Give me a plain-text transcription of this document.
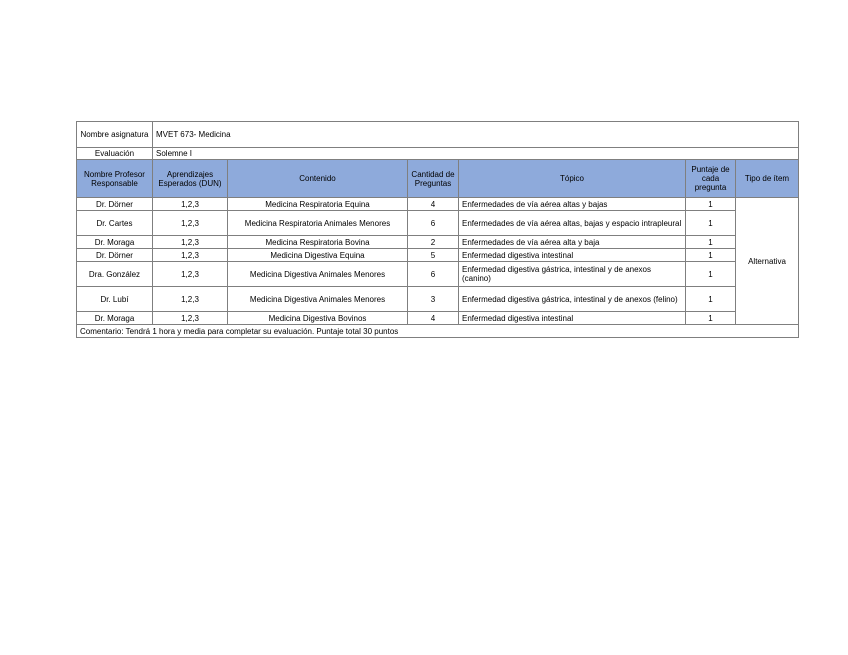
Nombre asignatura	MVET 673- Medicina					
Evaluación	Solemne I					
Nombre Profesor Responsable	Aprendizajes Esperados (DUN)	Contenido	Cantidad de Preguntas	Tópico	Puntaje de cada pregunta	Tipo de ítem
Dr. Dörner	1,2,3	Medicina Respiratoria Equina	4	Enfermedades de vía aérea altas y bajas	1	Alternativa
Dr. Cartes	1,2,3	Medicina Respiratoria Animales Menores	6	Enfermedades de vía aérea altas, bajas y espacio intrapleural	1	
Dr. Moraga	1,2,3	Medicina Respiratoria Bovina	2	Enfermedades de vía aérea alta y baja	1	
Dr. Dörner	1,2,3	Medicina Digestiva Equina	5	Enfermedad digestiva intestinal	1	
Dra. González	1,2,3	Medicina Digestiva Animales Menores	6	Enfermedad digestiva gástrica, intestinal y de anexos (canino)	1	
Dr. Lubí	1,2,3	Medicina Digestiva Animales Menores	3	Enfermedad digestiva gástrica, intestinal y de anexos (felino)	1	
Dr. Moraga	1,2,3	Medicina Digestiva Bovinos	4	Enfermedad digestiva intestinal	1	
Comentario: Tendrá 1 hora y media para completar su evaluación. Puntaje total 30 puntos						
